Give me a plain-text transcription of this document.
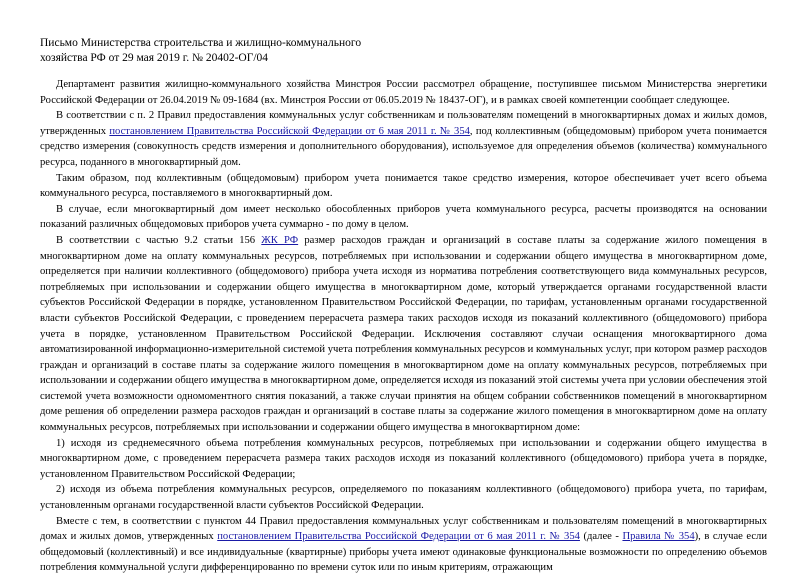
Письмо Министерства строительства и жилищно-коммунального
хозяйства РФ от 29 мая 2019 г. № 20402-ОГ/04

Департамент развития жилищно-коммунального хозяйства Минстроя России рассмотрел обращение, поступившее письмом Министерства энергетики Российской Федерации от 26.04.2019 № 09-1684 (вх. Минстроя России от 06.05.2019 № 18437-ОГ), и в рамках своей компетенции сообщает следующее.

В соответствии с п. 2 Правил предоставления коммунальных услуг собственникам и пользователям помещений в многоквартирных домах и жилых домов, утвержденных постановлением Правительства Российской Федерации от 6 мая 2011 г. № 354, под коллективным (общедомовым) прибором учета понимается средство измерения (совокупность средств измерения и дополнительного оборудования), используемое для определения объемов (количества) коммунального ресурса, поданного в многоквартирный дом.

Таким образом, под коллективным (общедомовым) прибором учета понимается такое средство измерения, которое обеспечивает учет всего объема коммунального ресурса, поставляемого в многоквартирный дом.

В случае, если многоквартирный дом имеет несколько обособленных приборов учета коммунального ресурса, расчеты производятся на основании показаний различных общедомовых приборов учета суммарно - по дому в целом.

В соответствии с частью 9.2 статьи 156 ЖК РФ размер расходов граждан и организаций в составе платы за содержание жилого помещения в многоквартирном доме на оплату коммунальных ресурсов, потребляемых при использовании и содержании общего имущества в многоквартирном доме, определяется при наличии коллективного (общедомового) прибора учета исходя из норматива потребления соответствующего вида коммунальных ресурсов, потребляемых при использовании и содержании общего имущества в многоквартирном доме, который утверждается органами государственной власти субъектов Российской Федерации в порядке, установленном Правительством Российской Федерации, по тарифам, установленным органами государственной власти субъектов Российской Федерации, с проведением перерасчета размера таких расходов исходя из показаний коллективного (общедомового) прибора учета в порядке, установленном Правительством Российской Федерации. Исключения составляют случаи оснащения многоквартирного дома автоматизированной информационно-измерительной системой учета потребления коммунальных ресурсов и коммунальных услуг, при котором размер расходов граждан и организаций в составе платы за содержание жилого помещения в многоквартирном доме на оплату коммунальных ресурсов, потребляемых при использовании и содержании общего имущества в многоквартирном доме, определяется исходя из показаний этой системы учета при условии обеспечения этой системой учета возможности одномоментного снятия показаний, а также случаи принятия на общем собрании собственников помещений в многоквартирном доме решения об определении размера расходов граждан и организаций в составе платы за содержание жилого помещения в многоквартирном доме на оплату коммунальных ресурсов, потребляемых при использовании и содержании общего имущества в многоквартирном доме:

1) исходя из среднемесячного объема потребления коммунальных ресурсов, потребляемых при использовании и содержании общего имущества в многоквартирном доме, с проведением перерасчета размера таких расходов исходя из показаний коллективного (общедомового) прибора учета в порядке, установленном Правительством Российской Федерации;

2) исходя из объема потребления коммунальных ресурсов, определяемого по показаниям коллективного (общедомового) прибора учета, по тарифам, установленным органами государственной власти субъектов Российской Федерации.

Вместе с тем, в соответствии с пунктом 44 Правил предоставления коммунальных услуг собственникам и пользователям помещений в многоквартирных домах и жилых домов, утвержденных постановлением Правительства Российской Федерации от 6 мая 2011 г. № 354 (далее - Правила № 354), в случае если общедомовый (коллективный) и все индивидуальные (квартирные) приборы учета имеют одинаковые функциональные возможности по определению объемов потребления коммунальной услуги дифференцированно по времени суток или по иным критериям, отражающим
